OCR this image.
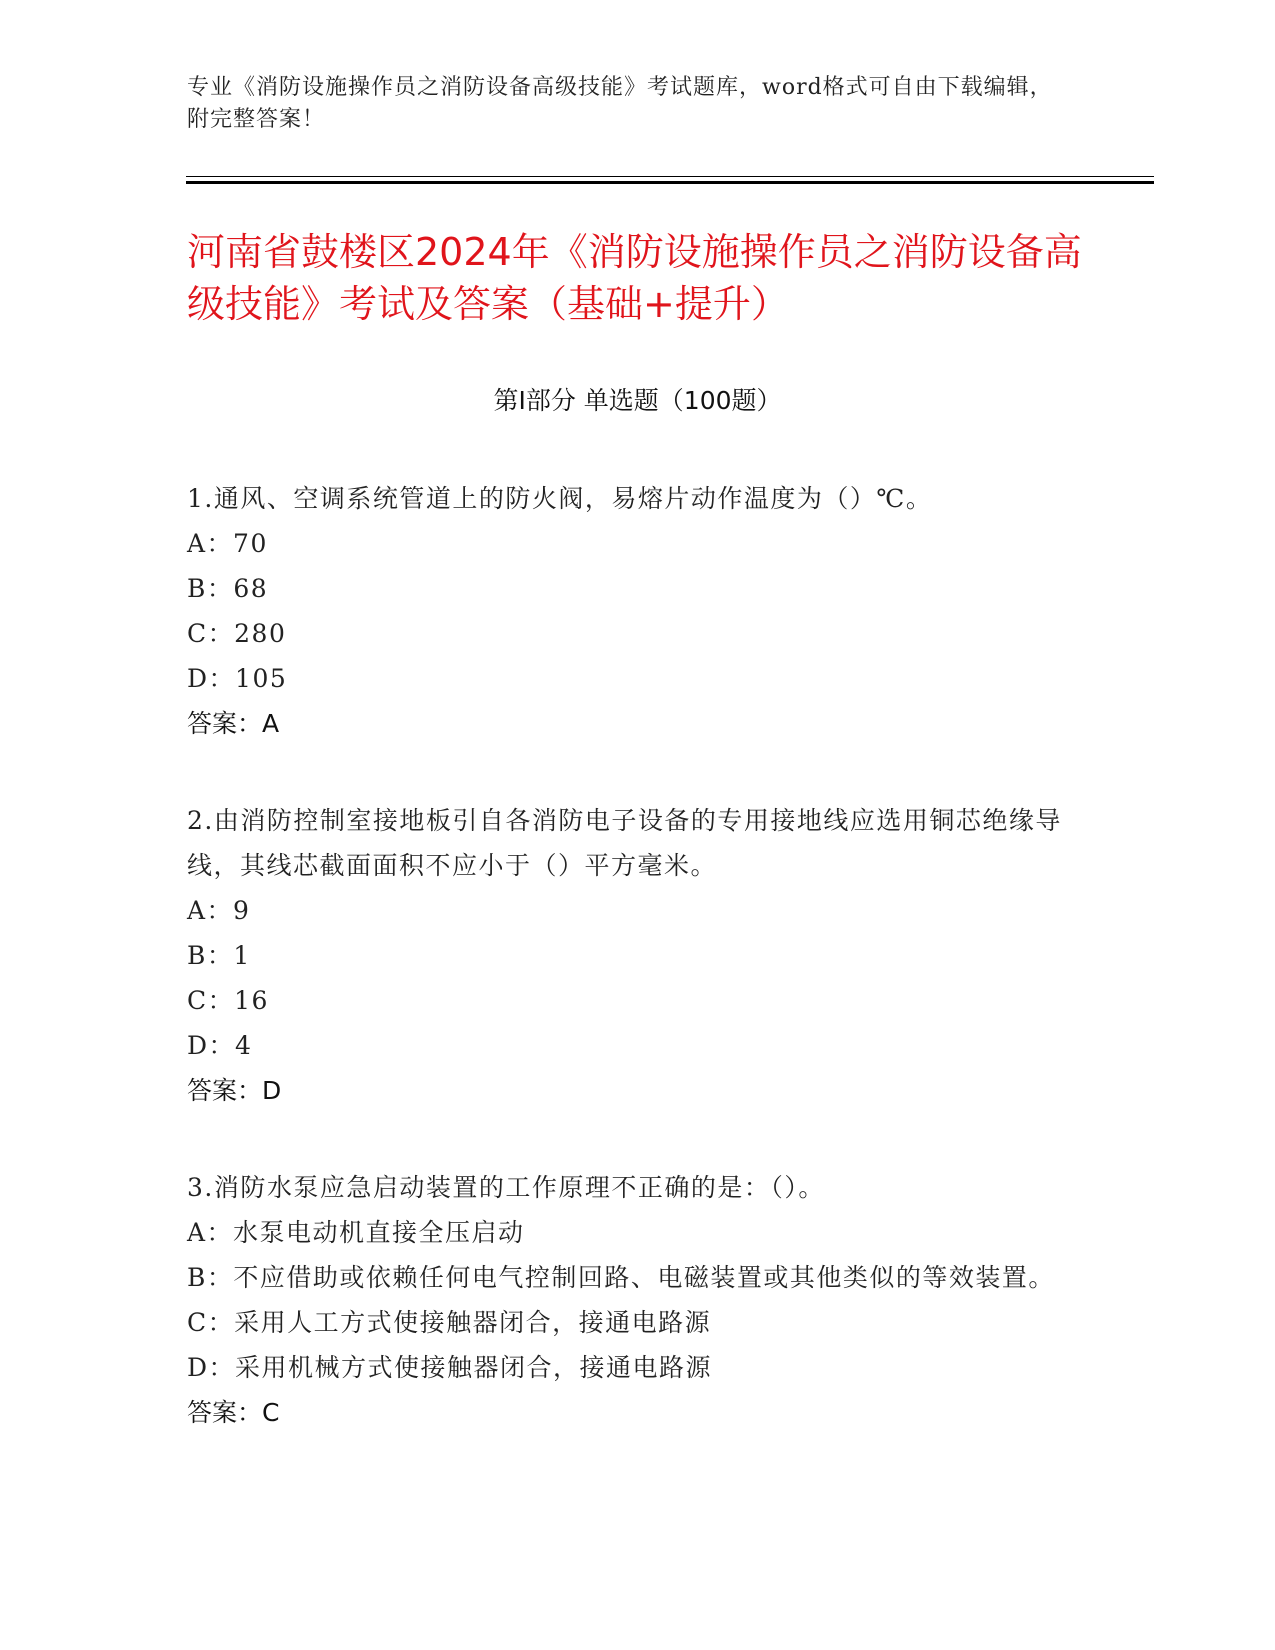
专业《消防设施操作员之消防设备高级技能》考试题库，word格式可自由下载编辑，附完整答案！
河南省鼓楼区2024年《消防设施操作员之消防设备高级技能》考试及答案（基础+提升）
第Ⅰ部分 单选题（100题）
1.通风、空调系统管道上的防火阀，易熔片动作温度为（）℃。
A：70
B：68
C：280
D：105
答案：A
2.由消防控制室接地板引自各消防电子设备的专用接地线应选用铜芯绝缘导线，其线芯截面面积不应小于（）平方毫米。
A：9
B：1
C：16
D：4
答案：D
3.消防水泵应急启动装置的工作原理不正确的是：（）。
A：水泵电动机直接全压启动
B：不应借助或依赖任何电气控制回路、电磁装置或其他类似的等效装置。
C：采用人工方式使接触器闭合，接通电路源
D：采用机械方式使接触器闭合，接通电路源
答案：C
